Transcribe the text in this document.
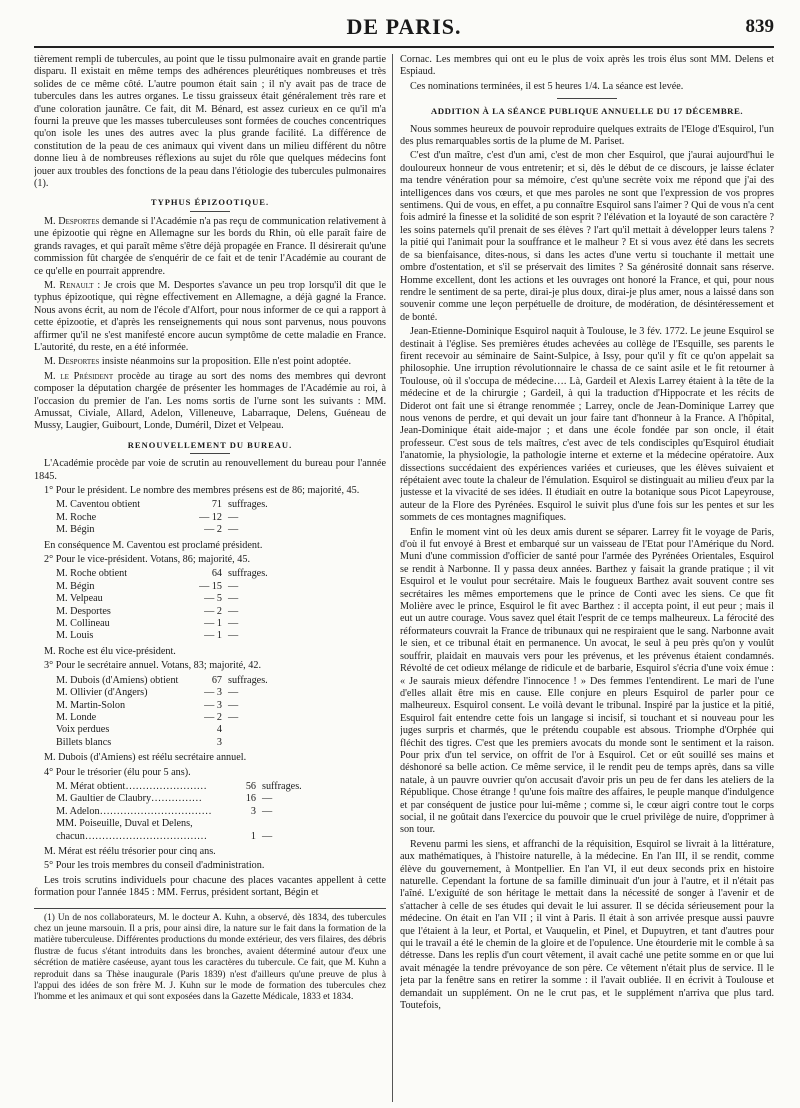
DE PARIS.	839

tièrement rempli de tubercules, au point que le tissu pulmonaire avait en grande partie disparu. Il existait en même temps des adhérences pleurétiques nombreuses et très solides de ce même côté. L'autre poumon était sain ; il n'y avait pas de trace de tubercules dans les autres organes. Le tissu graisseux était généralement très rare et d'une coloration jaunâtre. Ce fait, dit M. Bénard, est assez curieux en ce qu'il m'a fourni la preuve que les masses tuberculeuses sont formées de couches concentriques qu'on isole les unes des autres avec la plus grande facilité. La différence de constitution de la peau de ces animaux qui vivent dans un milieu différent du nôtre donne lieu à de nombreuses réflexions au sujet du rôle que quelques médecins font jouer aux troubles des fonctions de la peau dans l'étiologie des tubercules pulmonaires (1).

TYPHUS ÉPIZOOTIQUE.

M. Desportes demande si l'Académie n'a pas reçu de communication relativement à une épizootie qui règne en Allemagne sur les bords du Rhin, où elle paraît faire de grands ravages, et qui paraît même s'être déjà propagée en France. Il désirerait qu'une commission fût chargée de s'enquérir de ce fait et de tenir l'Académie au courant de ce qu'elle en pourrait apprendre.

M. Renault : Je crois que M. Desportes s'avance un peu trop lorsqu'il dit que le typhus épizootique, qui règne effectivement en Allemagne, a déjà gagné la France. Nous avons écrit, au nom de l'école d'Alfort, pour nous informer de ce qui a rapport à cette épizootie, et d'après les renseignements qui nous sont parvenus, nous pouvons affirmer qu'il ne s'est manifesté encore aucun symptôme de cette maladie en France. L'autorité, du reste, en a été informée.

M. Desportes insiste néanmoins sur la proposition. Elle n'est point adoptée.

M. le Président procède au tirage au sort des noms des membres qui devront composer la députation chargée de présenter les hommages de l'Académie au roi, à l'occasion du premier de l'an. Les noms sortis de l'urne sont les suivants : MM. Amussat, Civiale, Allard, Adelon, Villeneuve, Labarraque, Delens, Guéneau de Mussy, Laugier, Guibourt, Londe, Duméril, Dizet et Velpeau.

RENOUVELLEMENT DU BUREAU.

L'Académie procède par voie de scrutin au renouvellement du bureau pour l'année 1845.

1° Pour le président. Le nombre des membres présens est de 86; majorité, 45.

M. Caventou obtient	71 suffrages.
M. Roche	— 12 —
M. Bégin	— 2 —

En conséquence M. Caventou est proclamé président.

2° Pour le vice-président. Votans, 86; majorité, 45.

M. Roche obtient	64 suffrages.
M. Bégin	— 15 —
M. Velpeau	— 5 —
M. Desportes	— 2 —
M. Collineau	— 1 —
M. Louis	— 1 —

M. Roche est élu vice-président.

3° Pour le secrétaire annuel. Votans, 83; majorité, 42.

M. Dubois (d'Amiens) obtient	67 suffrages.
M. Ollivier (d'Angers)	— 3 —
M. Martin-Solon	— 3 —
M. Londe	— 2 —
Voix perdues	4
Billets blancs	3

M. Dubois (d'Amiens) est réélu secrétaire annuel.

4° Pour le trésorier (élu pour 5 ans).

M. Mérat obtient……………………	56 suffrages.
M. Gaultier de Claubry……………	16 —
M. Adelon……………………………	3 —
MM. Poiseuille, Duval et Delens,
chacun………………………………	1 —

M. Mérat est réélu trésorier pour cinq ans.

5° Pour les trois membres du conseil d'administration.

Les trois scrutins individuels pour chacune des places vacantes appellent à cette formation pour l'année 1845 : MM. Ferrus, président sortant, Bégin et

(1) Un de nos collaborateurs, M. le docteur A. Kuhn, a observé, dès 1834, des tubercules chez un jeune marsouin. Il a pris, pour ainsi dire, la nature sur le fait dans la formation de la matière tuberculeuse. Différentes productions du monde extérieur, des vers filaires, des débris flustræ de fucus s'étant introduits dans les bronches, avaient déterminé autour d'eux une sécrétion de matière caséeuse, ayant tous les caractères du tubercule. Ce fait, que M. Kuhn a reproduit dans sa Thèse inaugurale (Paris 1839) n'est d'ailleurs qu'une preuve de plus à l'appui des idées de son frère M. J. Kuhn sur le mode de formation des tubercules chez l'homme et les animaux et qui sont exposées dans la Gazette Médicale, 1833 et 1834.

Cornac. Les membres qui ont eu le plus de voix après les trois élus sont MM. Delens et Espiaud.

Ces nominations terminées, il est 5 heures 1/4. La séance est levée.

ADDITION À LA SÉANCE PUBLIQUE ANNUELLE DU 17 DÉCEMBRE.

Nous sommes heureux de pouvoir reproduire quelques extraits de l'Eloge d'Esquirol, l'un des plus remarquables sortis de la plume de M. Pariset.

C'est d'un maître, c'est d'un ami, c'est de mon cher Esquirol, que j'aurai aujourd'hui le douloureux honneur de vous entretenir; et si, dès le début de ce discours, je laisse éclater ma tendre vénération pour sa mémoire, c'est qu'une secrète voix me répond que j'ai des intelligences dans vos cœurs, et que mes paroles ne sont que l'expression de vos propres sentimens. Qui de vous, en effet, a pu connaître Esquirol sans l'aimer ? Qui de vous n'a cent fois admiré la finesse et la solidité de son esprit ? l'élévation et la loyauté de son caractère ? les soins paternels qu'il prenait de ses élèves ? l'art qu'il mettait à développer leurs talens ? la pitié qui l'animait pour la souffrance et le malheur ? Et si vous avez été dans les secrets de sa bienfaisance, dites-nous, si dans les actes d'une vertu si touchante il mettait une ombre d'ostentation, et s'il se préservait des limites ? Sa générosité donnait sans réserve. Homme excellent, dont les actions et les ouvrages ont honoré la France, et qui, pour nous rendre le sentiment de sa perte, dirai-je plus doux, dirai-je plus amer, nous a laissé dans son souvenir comme une leçon perpétuelle de droiture, de modération, de désintéressement et de bonté.

Jean-Etienne-Dominique Esquirol naquit à Toulouse, le 3 fév. 1772. Le jeune Esquirol se destinait à l'église. Ses premières études achevées au collège de l'Esquille, ses parents le firent recevoir au séminaire de Saint-Sulpice, à Issy, pour qu'il y fît ce qu'on appelait sa philosophie. Une irruption révolutionnaire le chassa de ce saint asile et le fit retourner à Toulouse, où il s'occupa de médecine…. Là, Gardeil et Alexis Larrey étaient à la tête de la médecine et de la chirurgie ; Gardeil, à qui la traduction d'Hippocrate et les récits de Diderot ont fait une si étrange renommée ; Larrey, oncle de Jean-Dominique Larrey que nous venons de perdre, et qui devait un jour faire tant d'honneur à la France. A l'hôpital, Jean-Dominique était aide-major ; et dans une école fondée par son oncle, il était professeur. C'est sous de tels maîtres, c'est avec de tels condisciples qu'Esquirol étudiait l'anatomie, la physiologie, la pathologie interne et externe et la médecine opératoire. Aux dissections succédaient des expériences variées et curieuses, que les élèves suivaient et répétaient avec toute la chaleur de l'émulation. Esquirol se distinguait au milieu d'eux par la justesse et la vivacité de ses idées. Il étudiait en outre la botanique sous Picot Lapeyrouse, auteur de la Flore des Pyrénées. Esquirol le suivit plus d'une fois sur les pentes et sur les sommets de ces montagnes magnifiques.

Enfin le moment vint où les deux amis durent se séparer. Larrey fit le voyage de Paris, d'où il fut envoyé à Brest et embarqué sur un vaisseau de l'Etat pour l'Amérique du Nord. Muni d'une commission d'officier de santé pour l'armée des Pyrénées Orientales, Esquirol se rendit à Narbonne. Il y passa deux années. Barthez y faisait la grande pratique ; il vit Esquirol et le voulut pour secrétaire. Mais le fougueux Barthez avait souvent contre ses secrétaires les mêmes emportemens que le prince de Conti avec les siens. Ce que fit Molière avec le prince, Esquirol le fit avec Barthez : il accepta point, il eut peur ; mais il eut un autre courage. Vous savez quel était l'esprit de ce temps malheureux. La férocité des réformateurs couvrait la France de tribunaux qui ne respiraient que le sang. Narbonne avait le sien, et ce tribunal était en permanence. Un avocat, le seul à peu près qu'on y voulût souffrir, plaidait en mauvais vers pour les prévenus, et les prévenus étaient condamnés. Révolté de cet odieux mélange de ridicule et de barbarie, Esquirol s'écria d'une voix émue : « Je saurais mieux défendre l'innocence ! » Des femmes l'entendirent. Le mari de l'une d'elles allait être mis en cause. Elle conjure en pleurs Esquirol de parler pour ce malheureux. Esquirol consent. Le voilà devant le tribunal. Inspiré par la justice et la pitié, Esquirol fait entendre cette fois un langage si incisif, si touchant et si nouveau pour les juges surpris et charmés, que le prétendu coupable est absous. Triomphe d'Orphée qui fléchit des tigres. C'est que les premiers avocats du monde sont le sentiment et la raison. Pour prix d'un tel service, on offrit de l'or à Esquirol. Cet or eût souillé ses mains et déshonoré sa belle action. Ce même service, il le rendit peu de temps après, dans sa ville natale, à un pauvre ouvrier qu'on accusait d'avoir pris un peu de fer dans les ateliers de la République. Chose étrange ! qu'une fois maître des affaires, le peuple manque d'indulgence et par conséquent de justice pour lui-même ; comme si, le cœur aigri contre tout le corps social, il ne goûtait dans l'exercice du pouvoir que le cruel privilège de nuire, d'opprimer à son tour.

Revenu parmi les siens, et affranchi de la réquisition, Esquirol se livrait à la littérature, aux mathématiques, à l'histoire naturelle, à la médecine. En l'an III, il se rendit, comme élève du gouvernement, à Montpellier. En l'an VI, il eut deux seconds prix en histoire naturelle. Cependant la fortune de sa famille diminuait d'un jour à l'autre, et il n'était pas l'aîné. L'exiguïté de son héritage le mettait dans la nécessité de songer à l'avenir et de s'attacher à celle de ses études qui devait le lui assurer. Il se décida sérieusement pour la médecine. On était en l'an VII ; il vint à Paris. Il était à son arrivée presque aussi pauvre que l'étaient à la leur, et Portal, et Vauquelin, et Pinel, et Dupuytren, et tant d'autres pour qui le travail a été le chemin de la gloire et de l'opulence. Une étourderie mit le comble à sa détresse. Dans les replis d'un court vêtement, il avait caché une petite somme en or que lui avait ménagée la tendre prévoyance de son père. Ce vêtement n'était plus de service. Il le jeta par la fenêtre sans en retirer la somme : il l'avait oubliée. Il en écrivit à Toulouse et demandait un supplément. On ne le crut pas, et le supplément n'arriva que plus tard. Toutefois,
